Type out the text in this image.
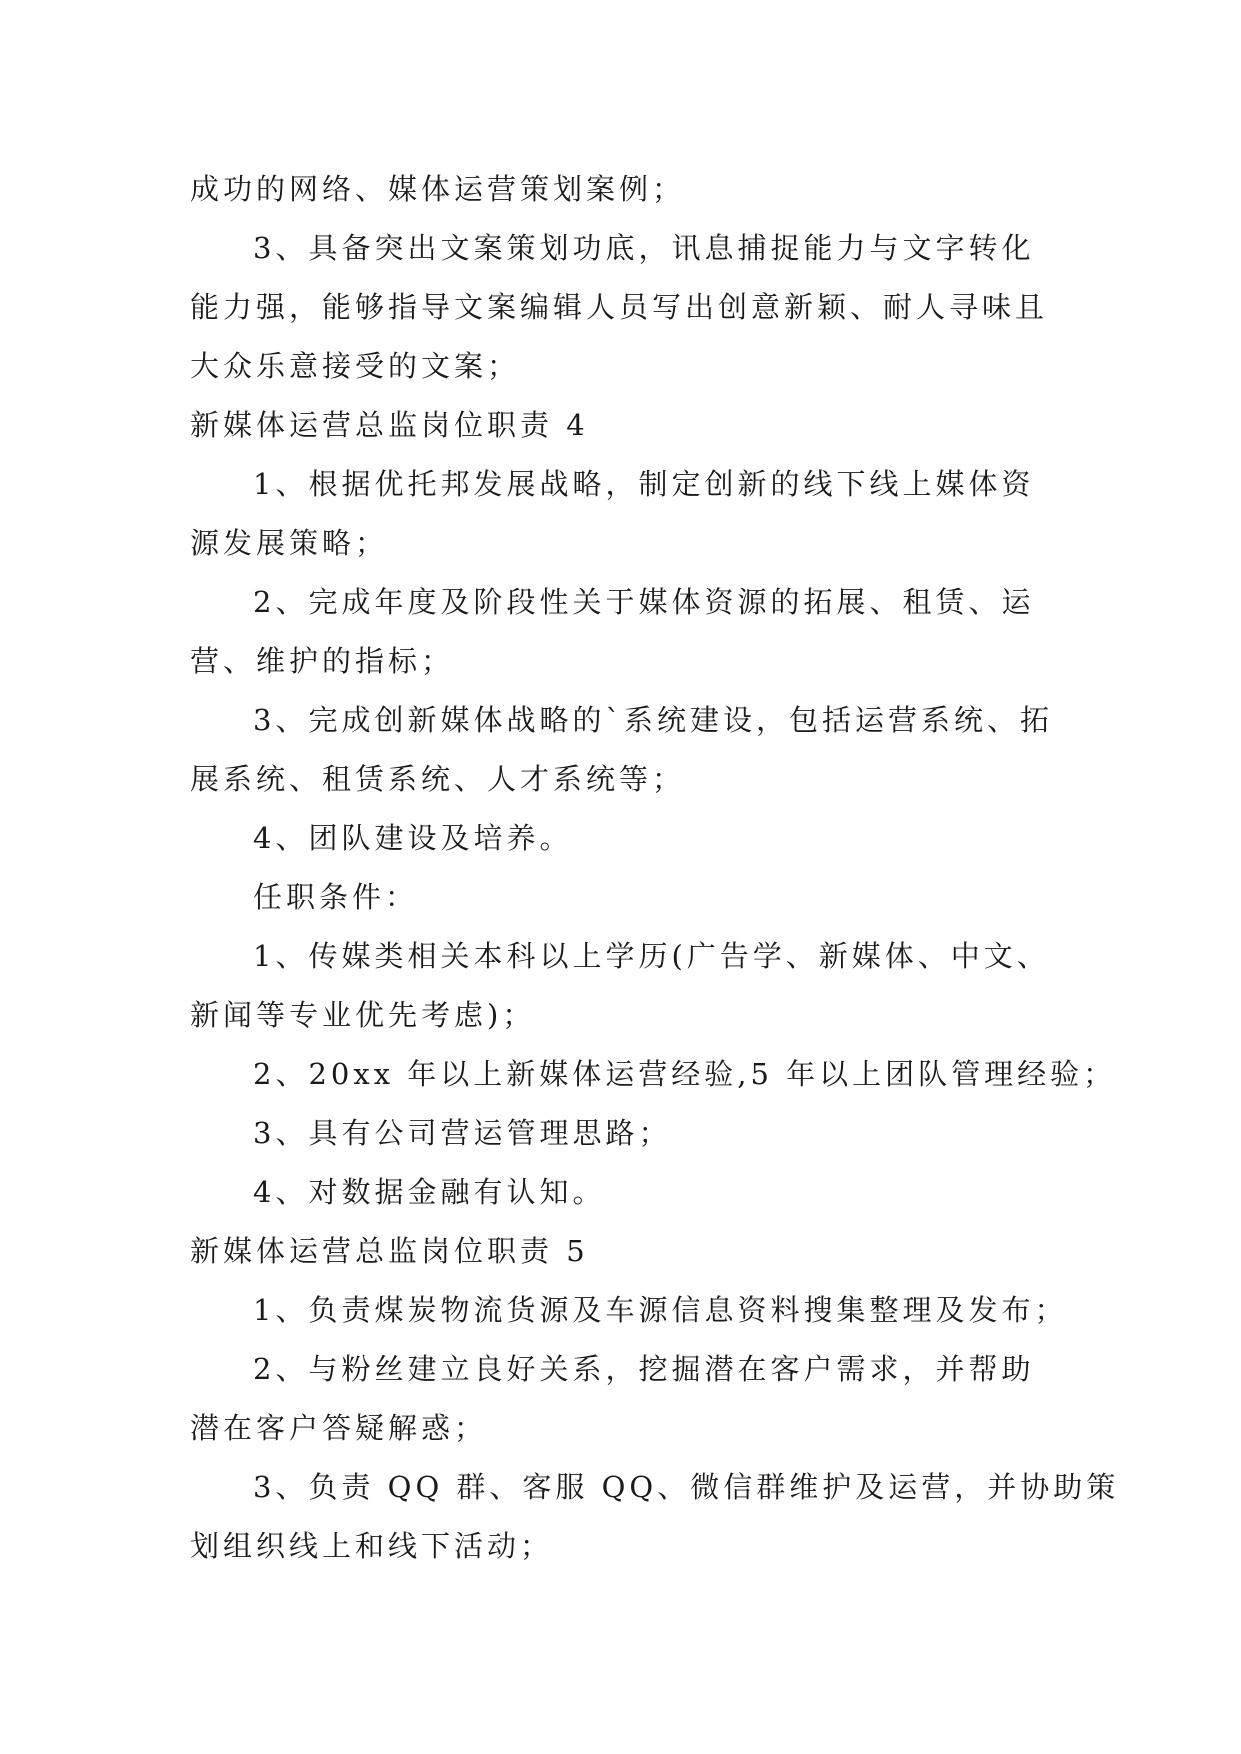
成功的网络、媒体运营策划案例；
3、具备突出文案策划功底，讯息捕捉能力与文字转化
能力强，能够指导文案编辑人员写出创意新颖、耐人寻味且
大众乐意接受的文案；
新媒体运营总监岗位职责 4
1、根据优托邦发展战略，制定创新的线下线上媒体资
源发展策略；
2、完成年度及阶段性关于媒体资源的拓展、租赁、运
营、维护的指标；
3、完成创新媒体战略的`系统建设，包括运营系统、拓
展系统、租赁系统、人才系统等；
4、团队建设及培养。
任职条件：
1、传媒类相关本科以上学历(广告学、新媒体、中文、
新闻等专业优先考虑)；
2、20xx 年以上新媒体运营经验,5 年以上团队管理经验；
3、具有公司营运管理思路；
4、对数据金融有认知。
新媒体运营总监岗位职责 5
1、负责煤炭物流货源及车源信息资料搜集整理及发布；
2、与粉丝建立良好关系，挖掘潜在客户需求，并帮助
潜在客户答疑解惑；
3、负责 QQ 群、客服 QQ、微信群维护及运营，并协助策
划组织线上和线下活动；
